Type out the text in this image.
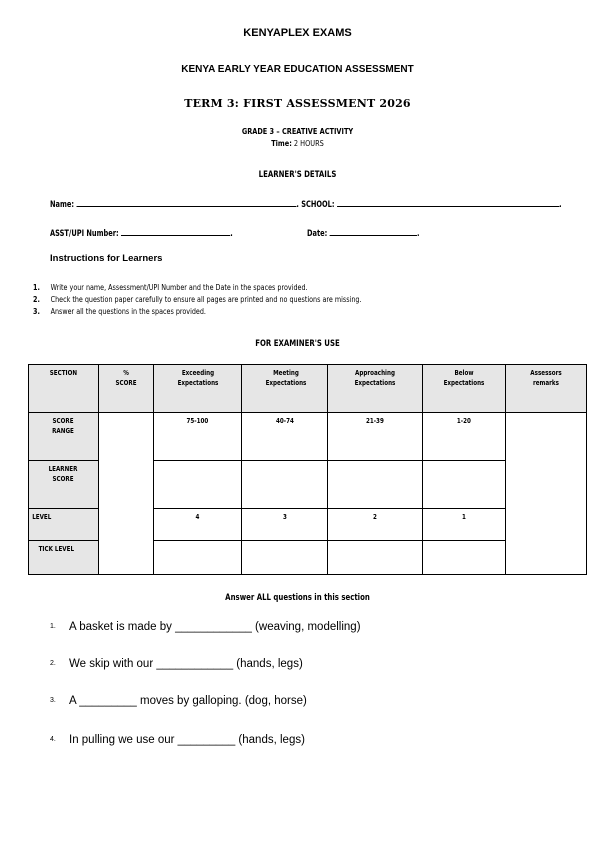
KENYAPLEX EXAMS
KENYA EARLY YEAR EDUCATION ASSESSMENT
TERM 3: FIRST ASSESSMENT 2026
GRADE 3 – CREATIVE ACTIVITY
Time: 2 HOURS
LEARNER'S DETAILS
Name:	. SCHOOL:	.
ASST/UPI Number:	.	Date:	.
Instructions for Learners
1. Write your name, Assessment/UPI Number and the Date in the spaces provided.
2. Check the question paper carefully to ensure all pages are printed and no questions are missing.
3. Answer all the questions in the spaces provided.
FOR EXAMINER'S USE
SECTION	% SCORE	Exceeding Expectations	Meeting Expectations	Approaching Expectations	Below Expectations	Assessors remarks

SCORE RANGE		75-100	40-74	21-39	1-20	

LEARNER SCORE						

LEVEL		4	3	2	1	

TICK LEVEL						

Answer ALL questions in this section
1. A basket is made by ____________ (weaving, modelling)
2. We skip with our ____________ (hands, legs)
3. A _________ moves by galloping. (dog, horse)
4. In pulling we use our _________ (hands, legs)
